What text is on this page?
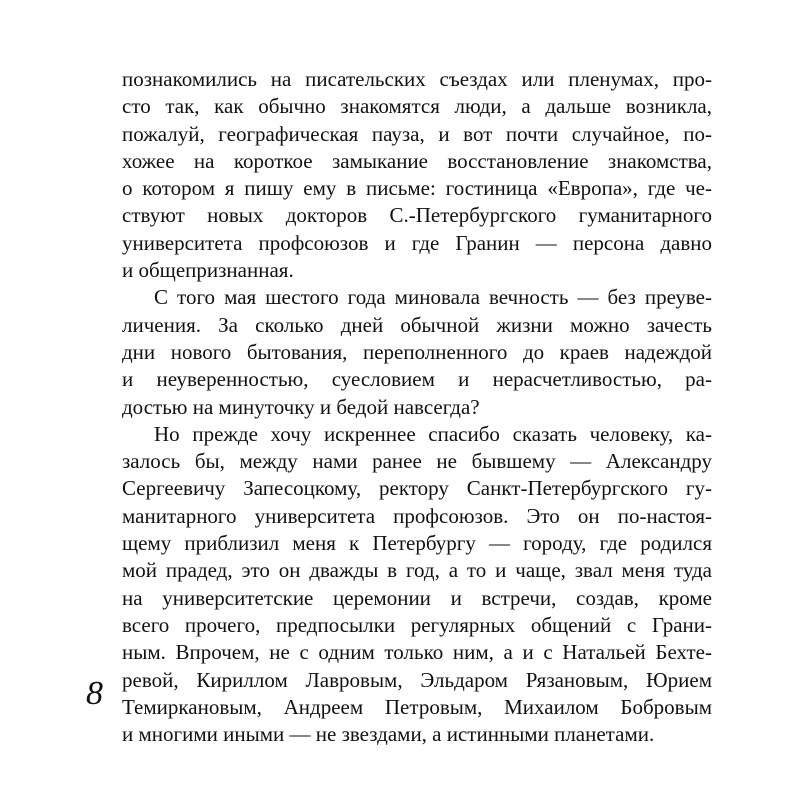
познакомились на писательских съездах или пленумах, про-
сто так, как обычно знакомятся люди, а дальше возникла,
пожалуй, географическая пауза, и вот почти случайное, по-
хожее на короткое замыкание восстановление знакомства,
о котором я пишу ему в письме: гостиница «Европа», где че-
ствуют новых докторов С.-Петербургского гуманитарного
университета профсоюзов и где Гранин — персона давно
и общепризнанная.
С того мая шестого года миновала вечность — без преуве-
личения. За сколько дней обычной жизни можно зачесть
дни нового бытования, переполненного до краев надеждой
и неуверенностью, суесловием и нерасчетливостью, ра-
достью на минуточку и бедой навсегда?
Но прежде хочу искреннее спасибо сказать человеку, ка-
залось бы, между нами ранее не бывшему — Александру
Сергеевичу Запесоцкому, ректору Санкт-Петербургского гу-
манитарного университета профсоюзов. Это он по-настоя-
щему приблизил меня к Петербургу — городу, где родился
мой прадед, это он дважды в год, а то и чаще, звал меня туда
на университетские церемонии и встречи, создав, кроме
всего прочего, предпосылки регулярных общений с Грани-
ным. Впрочем, не с одним только ним, а и с Натальей Бехте-
ревой, Кириллом Лавровым, Эльдаром Рязановым, Юрием
Темиркановым, Андреем Петровым, Михаилом Бобровым
и многими иными — не звездами, а истинными планетами.
8
